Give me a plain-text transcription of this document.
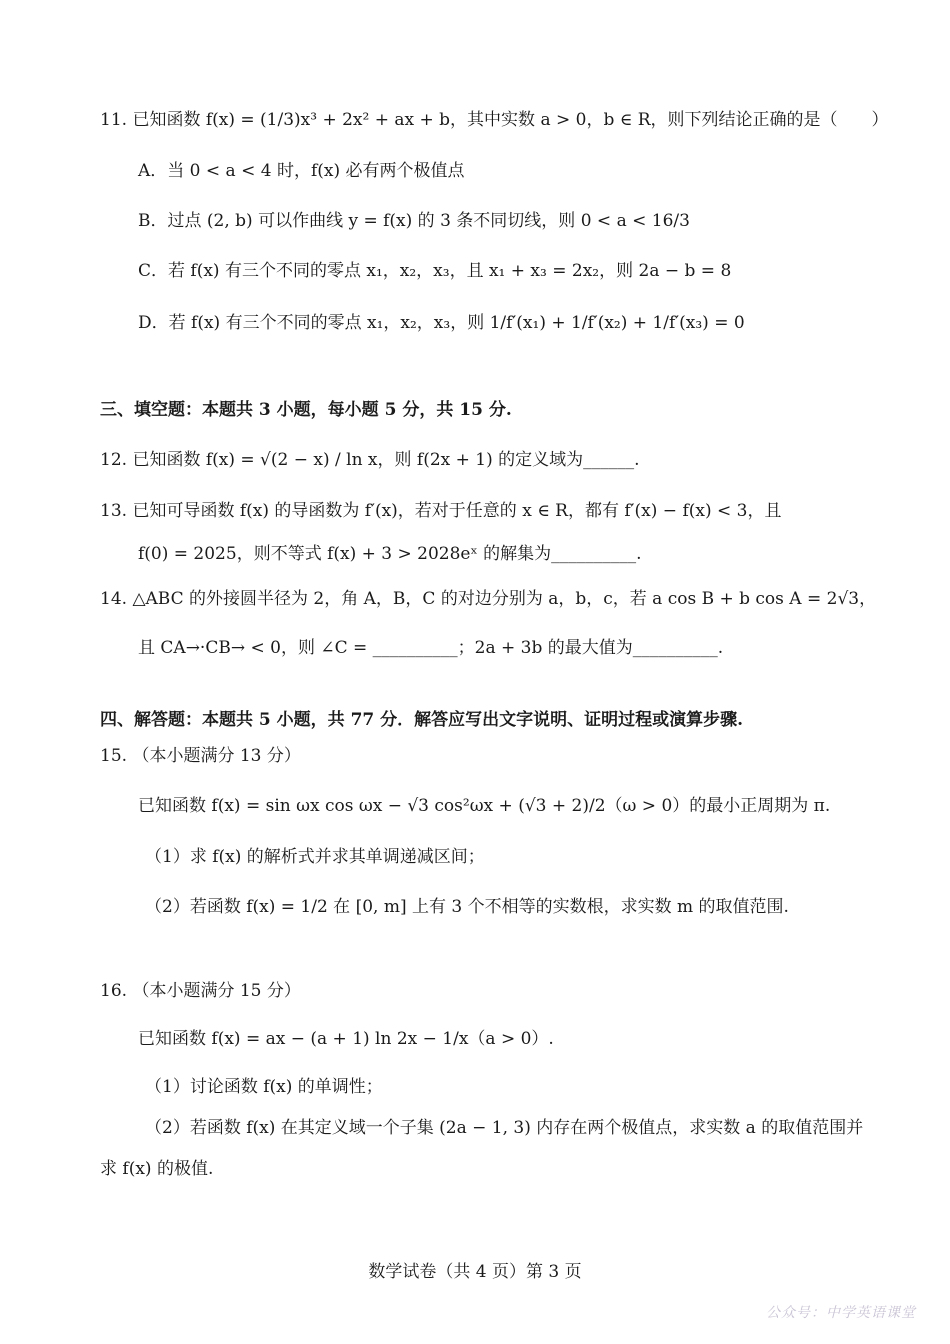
11. 已知函数 f(x) = (1/3)x³ + 2x² + ax + b，其中实数 a > 0，b ∈ R，则下列结论正确的是（　　）
A．当 0 < a < 4 时，f(x) 必有两个极值点
B．过点 (2, b) 可以作曲线 y = f(x) 的 3 条不同切线，则 0 < a < 16/3
C．若 f(x) 有三个不同的零点 x₁，x₂，x₃，且 x₁ + x₃ = 2x₂，则 2a − b = 8
D．若 f(x) 有三个不同的零点 x₁，x₂，x₃，则 1/f′(x₁) + 1/f′(x₂) + 1/f′(x₃) = 0
三、填空题：本题共 3 小题，每小题 5 分，共 15 分.
12. 已知函数 f(x) = √(2 − x) / ln x，则 f(2x + 1) 的定义域为______.
13. 已知可导函数 f(x) 的导函数为 f′(x)，若对于任意的 x ∈ R，都有 f′(x) − f(x) < 3，且
f(0) = 2025，则不等式 f(x) + 3 > 2028eˣ 的解集为__________.
14. △ABC 的外接圆半径为 2，角 A，B，C 的对边分别为 a，b，c，若 a cos B + b cos A = 2√3，
且 CA→·CB→ < 0，则 ∠C = __________；2a + 3b 的最大值为__________.
四、解答题：本题共 5 小题，共 77 分．解答应写出文字说明、证明过程或演算步骤.
15. （本小题满分 13 分）
已知函数 f(x) = sin ωx cos ωx − √3 cos²ωx + (√3 + 2)/2（ω > 0）的最小正周期为 π.
（1）求 f(x) 的解析式并求其单调递减区间；
（2）若函数 f(x) = 1/2 在 [0, m] 上有 3 个不相等的实数根，求实数 m 的取值范围.
16. （本小题满分 15 分）
已知函数 f(x) = ax − (a + 1) ln 2x − 1/x（a > 0）.
（1）讨论函数 f(x) 的单调性；
（2）若函数 f(x) 在其定义域一个子集 (2a − 1, 3) 内存在两个极值点，求实数 a 的取值范围并
求 f(x) 的极值.
数学试卷（共 4 页）第 3 页
公众号：中学英语课堂
